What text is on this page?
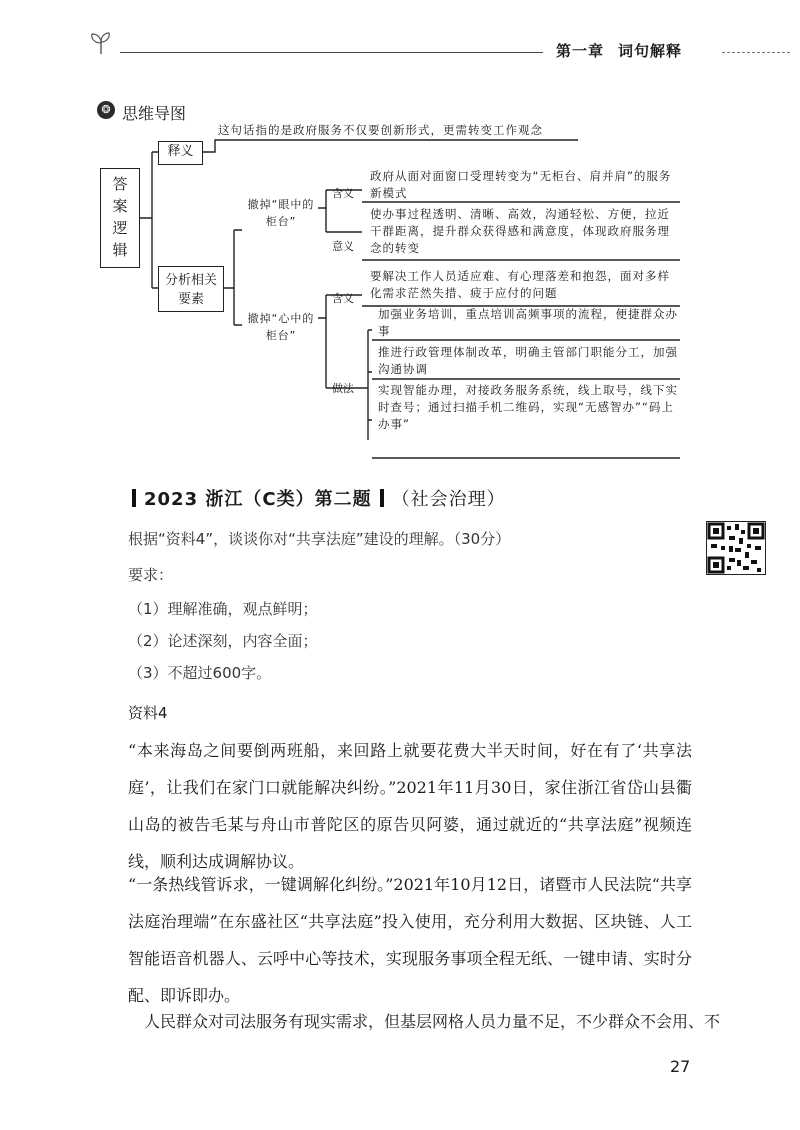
第一章 词句解释
❂ 思维导图
答案逻辑
释义
这句话指的是政府服务不仅要创新形式，更需转变工作观念
分析相关要素
撤掉“眼中的柜台”
含义
政府从面对面窗口受理转变为“无柜台、肩并肩”的服务新模式
意义
使办事过程透明、清晰、高效，沟通轻松、方便，拉近干群距离，提升群众获得感和满意度，体现政府服务理念的转变
撤掉“心中的柜台”
含义
要解决工作人员适应难、有心理落差和抱怨，面对多样化需求茫然失措、疲于应付的问题
做法
加强业务培训，重点培训高频事项的流程，便捷群众办事
推进行政管理体制改革，明确主管部门职能分工，加强沟通协调
实现智能办理，对接政务服务系统，线上取号，线下实时查号；通过扫描手机二维码，实现“无感智办”“码上办事”
2023 浙江（C类）第二题 （社会治理）
根据“资料4”，谈谈你对“共享法庭”建设的理解。（30分）
要求：
（1）理解准确，观点鲜明；
（2）论述深刻，内容全面；
（3）不超过600字。
资料4
“本来海岛之间要倒两班船，来回路上就要花费大半天时间，好在有了‘共享法庭’，让我们在家门口就能解决纠纷。”2021年11月30日，家住浙江省岱山县衢山岛的被告毛某与舟山市普陀区的原告贝阿婆，通过就近的“共享法庭”视频连线，顺利达成调解协议。
“一条热线管诉求，一键调解化纠纷。”2021年10月12日，诸暨市人民法院“共享法庭治理端”在东盛社区“共享法庭”投入使用，充分利用大数据、区块链、人工智能语音机器人、云呼中心等技术，实现服务事项全程无纸、一键申请、实时分配、即诉即办。
人民群众对司法服务有现实需求，但基层网格人员力量不足，不少群众不会用、不
27
